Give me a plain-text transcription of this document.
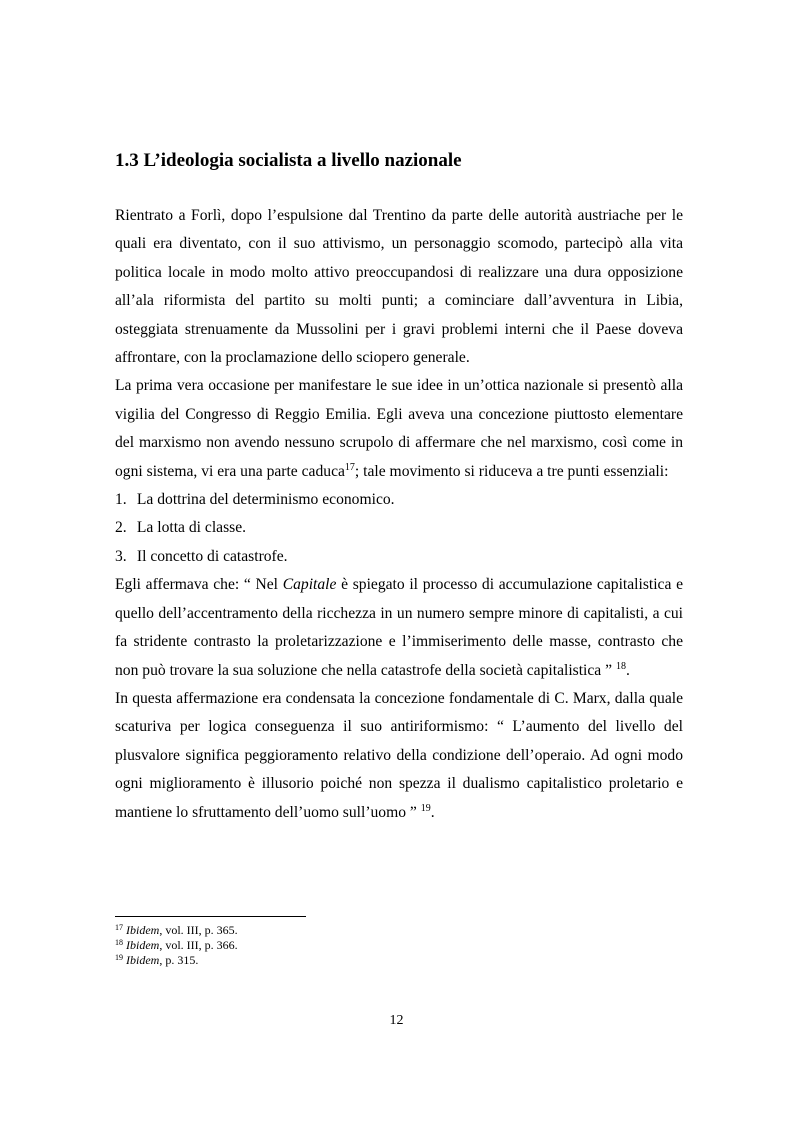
1.3 L’ideologia socialista a livello nazionale

Rientrato a Forlì, dopo l’espulsione dal Trentino da parte delle autorità austriache per le quali era diventato, con il suo attivismo, un personaggio scomodo, partecipò alla vita politica locale in modo molto attivo preoccupandosi di realizzare una dura opposizione all’ala riformista del partito su molti punti; a cominciare dall’avventura in Libia, osteggiata strenuamente da Mussolini per i gravi problemi interni che il Paese doveva affrontare, con la proclamazione dello sciopero generale.

La prima vera occasione per manifestare le sue idee in un’ottica nazionale si presentò alla vigilia del Congresso di Reggio Emilia. Egli aveva una concezione piuttosto elementare del marxismo non avendo nessuno scrupolo di affermare che nel marxismo, così come in ogni sistema, vi era una parte caduca$^{17}$; tale movimento si riduceva a tre punti essenziali:

1. La dottrina del determinismo economico.
2. La lotta di classe.
3. Il concetto di catastrofe.

Egli affermava che: “ Nel Capitale è spiegato il processo di accumulazione capitalistica e quello dell’accentramento della ricchezza in un numero sempre minore di capitalisti, a cui fa stridente contrasto la proletarizzazione e l’immiserimento delle masse, contrasto che non può trovare la sua soluzione che nella catastrofe della società capitalistica ” $^{18}$.

In questa affermazione era condensata la concezione fondamentale di C. Marx, dalla quale scaturiva per logica conseguenza il suo antiriformismo: “ L’aumento del livello del plusvalore significa peggioramento relativo della condizione dell’operaio. Ad ogni modo ogni miglioramento è illusorio poiché non spezza il dualismo capitalistico proletario e mantiene lo sfruttamento dell’uomo sull’uomo ” $^{19}$.

$^{17}$ Ibidem, vol. III, p. 365.

$^{18}$ Ibidem, vol. III, p. 366.

$^{19}$ Ibidem, p. 315.

12
